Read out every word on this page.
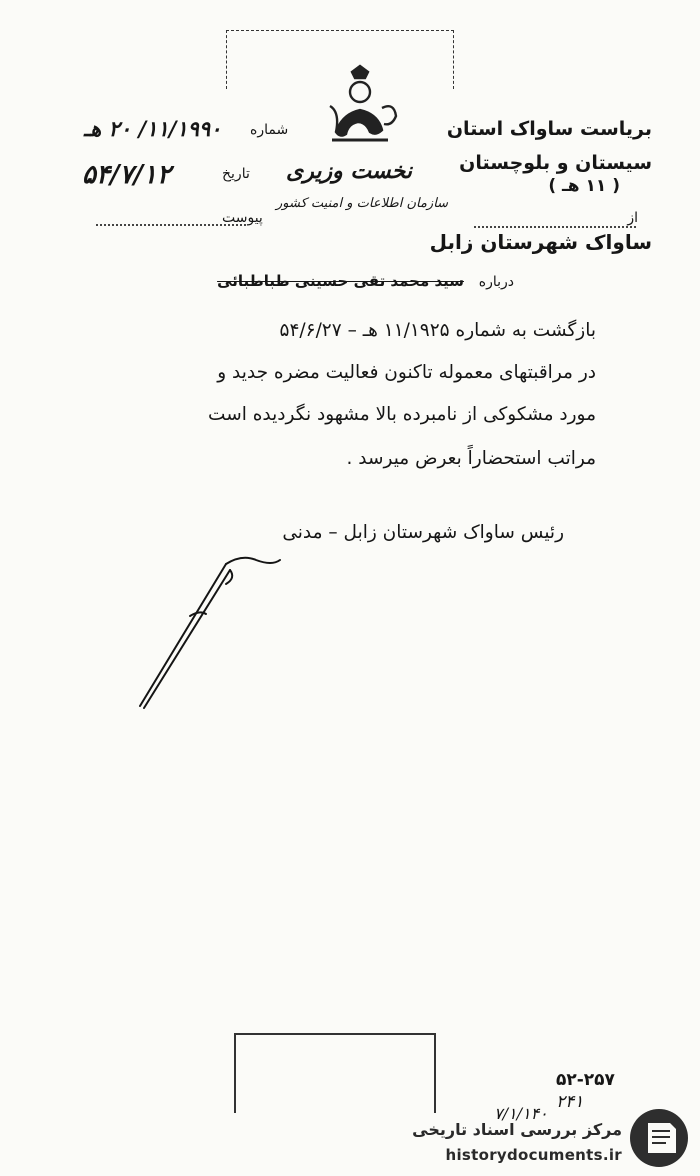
نخست وزیری
سازمان اطلاعات و امنیت کشور
بریاست ساواک استان
سیستان و بلوچستان
( ۱۱ هـ )
از
ساواک شهرستان زابل
شماره
۱۱/۱۹۹۰/ ۲۰ هـ
تاریخ
۵۴/۷/۱۲
پیوست
درباره
سید محمد تقی حسینی طباطبائی
بازگشت به شماره ۱۱/۱۹۲۵ هـ – ۵۴/۶/۲۷
در مراقبتهای معموله تاکنون فعالیت مضره جدید و
مورد مشکوکی از نامبرده بالا مشهود نگردیده است
مراتب استحضاراً بعرض میرسد .
رئیس ساواک شهرستان زابل – مدنی
۵۲-۲۵۷
۲۴۱
۷/۱/۱۴۰
مرکز بررسی اسناد تاریخی
historydocuments.ir
